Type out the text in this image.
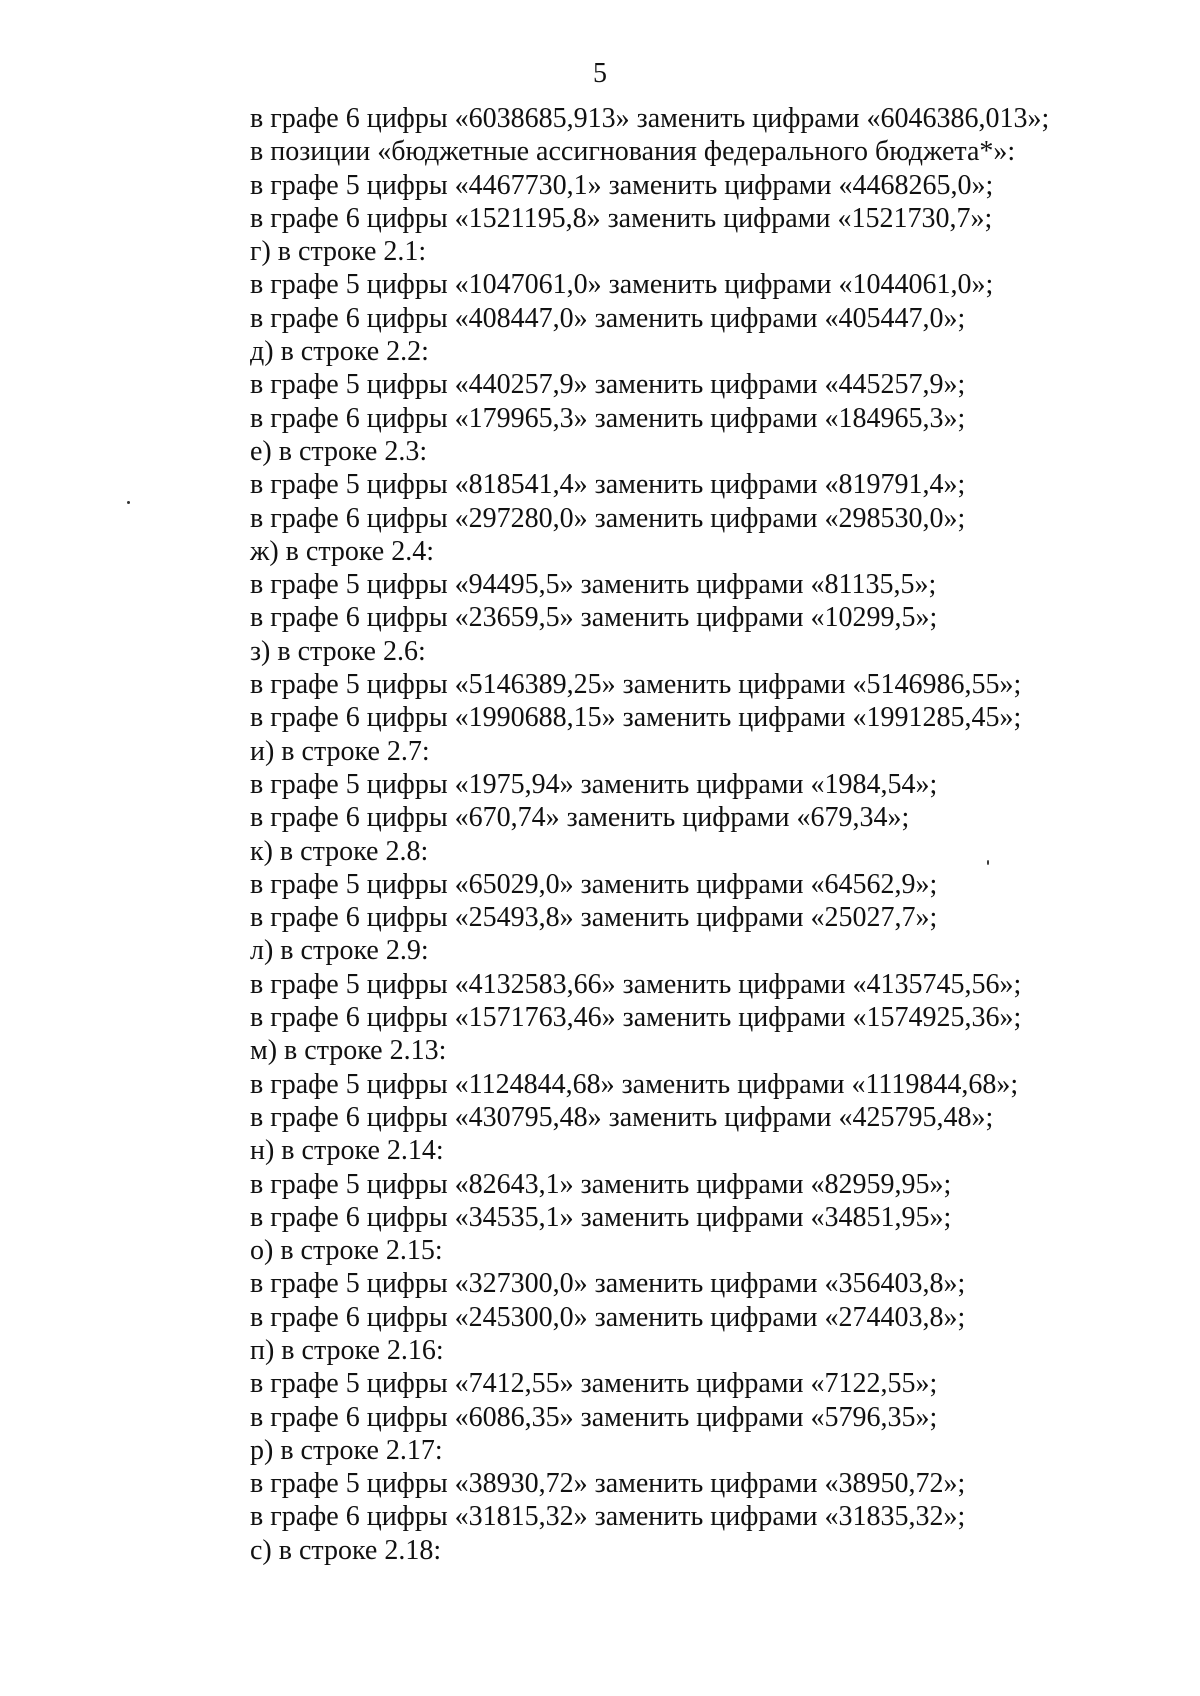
5
в графе 6 цифры «6038685,913» заменить цифрами «6046386,013»;
в позиции «бюджетные ассигнования федерального бюджета*»:
в графе 5 цифры «4467730,1» заменить цифрами «4468265,0»;
в графе 6 цифры «1521195,8» заменить цифрами «1521730,7»;
г) в строке 2.1:
в графе 5 цифры «1047061,0» заменить цифрами «1044061,0»;
в графе 6 цифры «408447,0» заменить цифрами «405447,0»;
д) в строке 2.2:
в графе 5 цифры «440257,9» заменить цифрами «445257,9»;
в графе 6 цифры «179965,3» заменить цифрами «184965,3»;
е) в строке 2.3:
в графе 5 цифры «818541,4» заменить цифрами «819791,4»;
в графе 6 цифры «297280,0» заменить цифрами «298530,0»;
ж) в строке 2.4:
в графе 5 цифры «94495,5» заменить цифрами «81135,5»;
в графе 6 цифры «23659,5» заменить цифрами «10299,5»;
з) в строке 2.6:
в графе 5 цифры «5146389,25» заменить цифрами «5146986,55»;
в графе 6 цифры «1990688,15» заменить цифрами «1991285,45»;
и) в строке 2.7:
в графе 5 цифры «1975,94» заменить цифрами «1984,54»;
в графе 6 цифры «670,74» заменить цифрами «679,34»;
к) в строке 2.8:
в графе 5 цифры «65029,0» заменить цифрами «64562,9»;
в графе 6 цифры «25493,8» заменить цифрами «25027,7»;
л) в строке 2.9:
в графе 5 цифры «4132583,66» заменить цифрами «4135745,56»;
в графе 6 цифры «1571763,46» заменить цифрами «1574925,36»;
м) в строке 2.13:
в графе 5 цифры «1124844,68» заменить цифрами «1119844,68»;
в графе 6 цифры «430795,48» заменить цифрами «425795,48»;
н) в строке 2.14:
в графе 5 цифры «82643,1» заменить цифрами «82959,95»;
в графе 6 цифры «34535,1» заменить цифрами «34851,95»;
о) в строке 2.15:
в графе 5 цифры «327300,0» заменить цифрами «356403,8»;
в графе 6 цифры «245300,0» заменить цифрами «274403,8»;
п) в строке 2.16:
в графе 5 цифры «7412,55» заменить цифрами «7122,55»;
в графе 6 цифры «6086,35» заменить цифрами «5796,35»;
р) в строке 2.17:
в графе 5 цифры «38930,72» заменить цифрами «38950,72»;
в графе 6 цифры «31815,32» заменить цифрами «31835,32»;
с) в строке 2.18:
